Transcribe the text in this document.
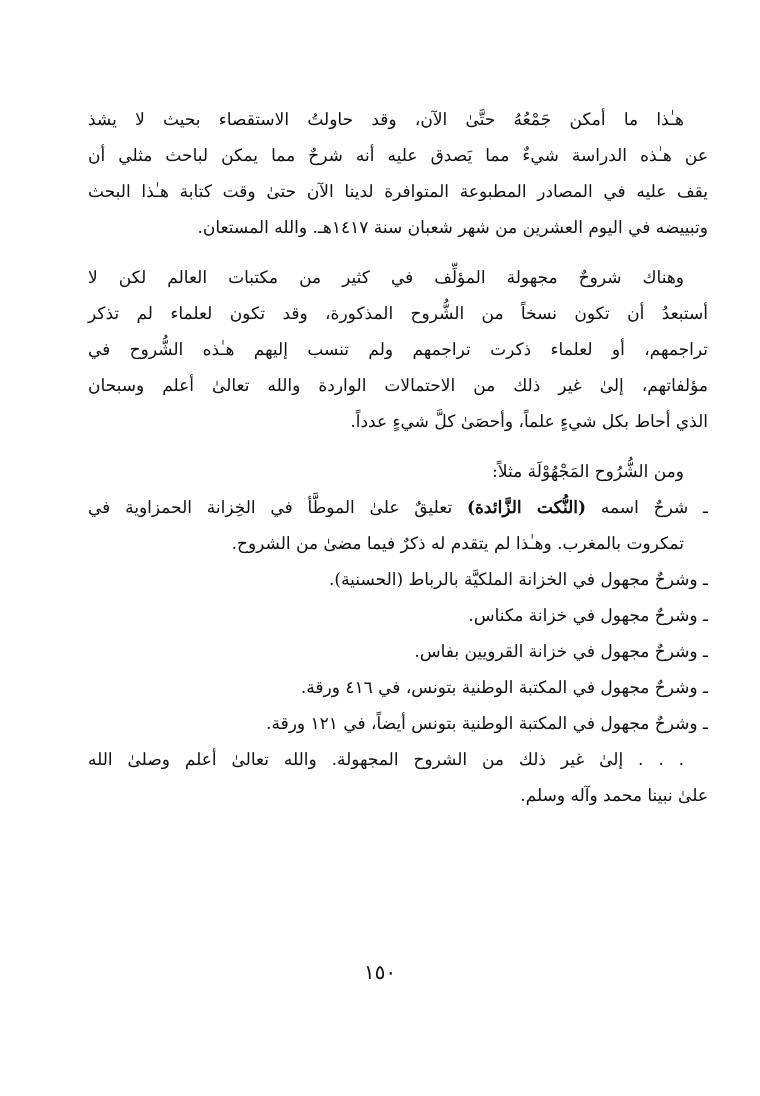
هـٰذا ما أمكن جَمْعُهُ حتَّىٰ الآن، وقد حاولتُ الاستقصاء بحيث لا يشذ

عن هـٰذه الدراسة شيءٌ مما يَصدق عليه أنه شرحٌ مما يمكن لباحث مثلي أن

يقف عليه في المصادر المطبوعة المتوافرة لدينا الآن حتىٰ وقت كتابة هـٰذا البحث

وتبييضه في اليوم العشرين من شهر شعبان سنة ١٤١٧هـ. والله المستعان.

وهناك شروحٌ مجهولة المؤلِّف في كثير من مكتبات العالم لكن لا

أستبعدُ أن تكون نسخاً من الشُّروح المذكورة، وقد تكون لعلماء لم تذكر

تراجمهم، أو لعلماء ذكرت تراجمهم ولم تنسب إليهم هـٰذه الشُّروح في

مؤلفاتهم، إلىٰ غير ذلك من الاحتمالات الواردة والله تعالىٰ أعلم وسبحان

الذي أحاط بكل شيءٍ علماً، وأحصَىٰ كلَّ شيءٍ عدداً.

ومن الشُّرُوح المَجْهُوْلَة مثلاً:

ـ شرحٌ اسمه (النُّكت الزَّائدة) تعليقٌ علىٰ الموطَّأ في الخِزانة الحمزاوية في

تمكروت بالمغرب. وهـٰذا لم يتقدم له ذكرٌ فيما مضىٰ من الشروح.

ـ وشرحٌ مجهول في الخزانة الملكيَّة بالرباط (الحسنية).

ـ وشرحٌ مجهول في خزانة مكناس.

ـ وشرحٌ مجهول في خزانة القرويين بفاس.

ـ وشرحٌ مجهول في المكتبة الوطنية بتونس، في ٤١٦ ورقة.

ـ وشرحٌ مجهول في المكتبة الوطنية بتونس أيضاً، في ١٢١ ورقة.

. . . إلىٰ غير ذلك من الشروح المجهولة. والله تعالىٰ أعلم وصلىٰ الله

علىٰ نبينا محمد وآله وسلم.

١٥٠
